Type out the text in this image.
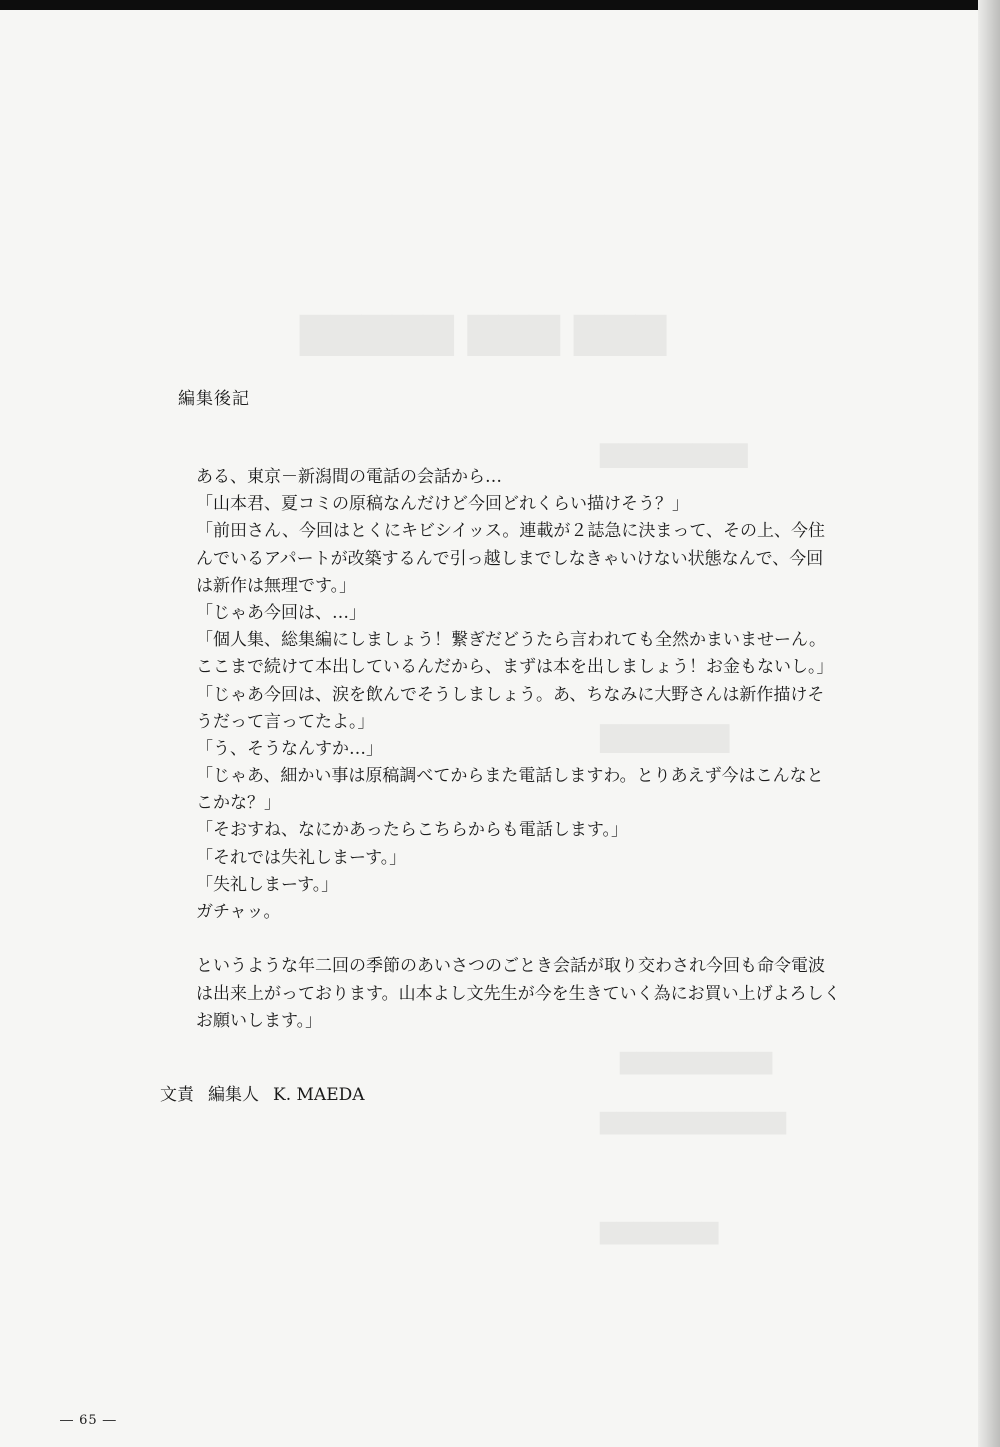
▇▇▇▇▇ ▇▇▇ ▇▇▇
▇▇▇▇▇▇▇▇
▇▇▇▇▇▇
▇▇▇▇▇▇▇▇▇
▇▇▇▇▇▇▇▇▇▇▇
▇▇▇▇▇▇▇
編集後記
ある、東京－新潟間の電話の会話から…
「山本君、夏コミの原稿なんだけど今回どれくらい描けそう？」
「前田さん、今回はとくにキビシイッス。連載が２誌急に決まって、その上、今住
んでいるアパートが改築するんで引っ越しまでしなきゃいけない状態なんで、今回
は新作は無理です。」
「じゃあ今回は、…」
「個人集、総集編にしましょう！繋ぎだどうたら言われても全然かまいませーん。
ここまで続けて本出しているんだから、まずは本を出しましょう！お金もないし。」
「じゃあ今回は、涙を飲んでそうしましょう。あ、ちなみに大野さんは新作描けそ
うだって言ってたよ。」
「う、そうなんすか…」
「じゃあ、細かい事は原稿調べてからまた電話しますわ。とりあえず今はこんなと
こかな？」
「そおすね、なにかあったらこちらからも電話します。」
「それでは失礼しまーす。」
「失礼しまーす。」
ガチャッ。
というような年二回の季節のあいさつのごとき会話が取り交わされ今回も命令電波
は出来上がっております。山本よし文先生が今を生きていく為にお買い上げよろしく
お願いします。」
文責 編集人 K. MAEDA
― 65 ―
